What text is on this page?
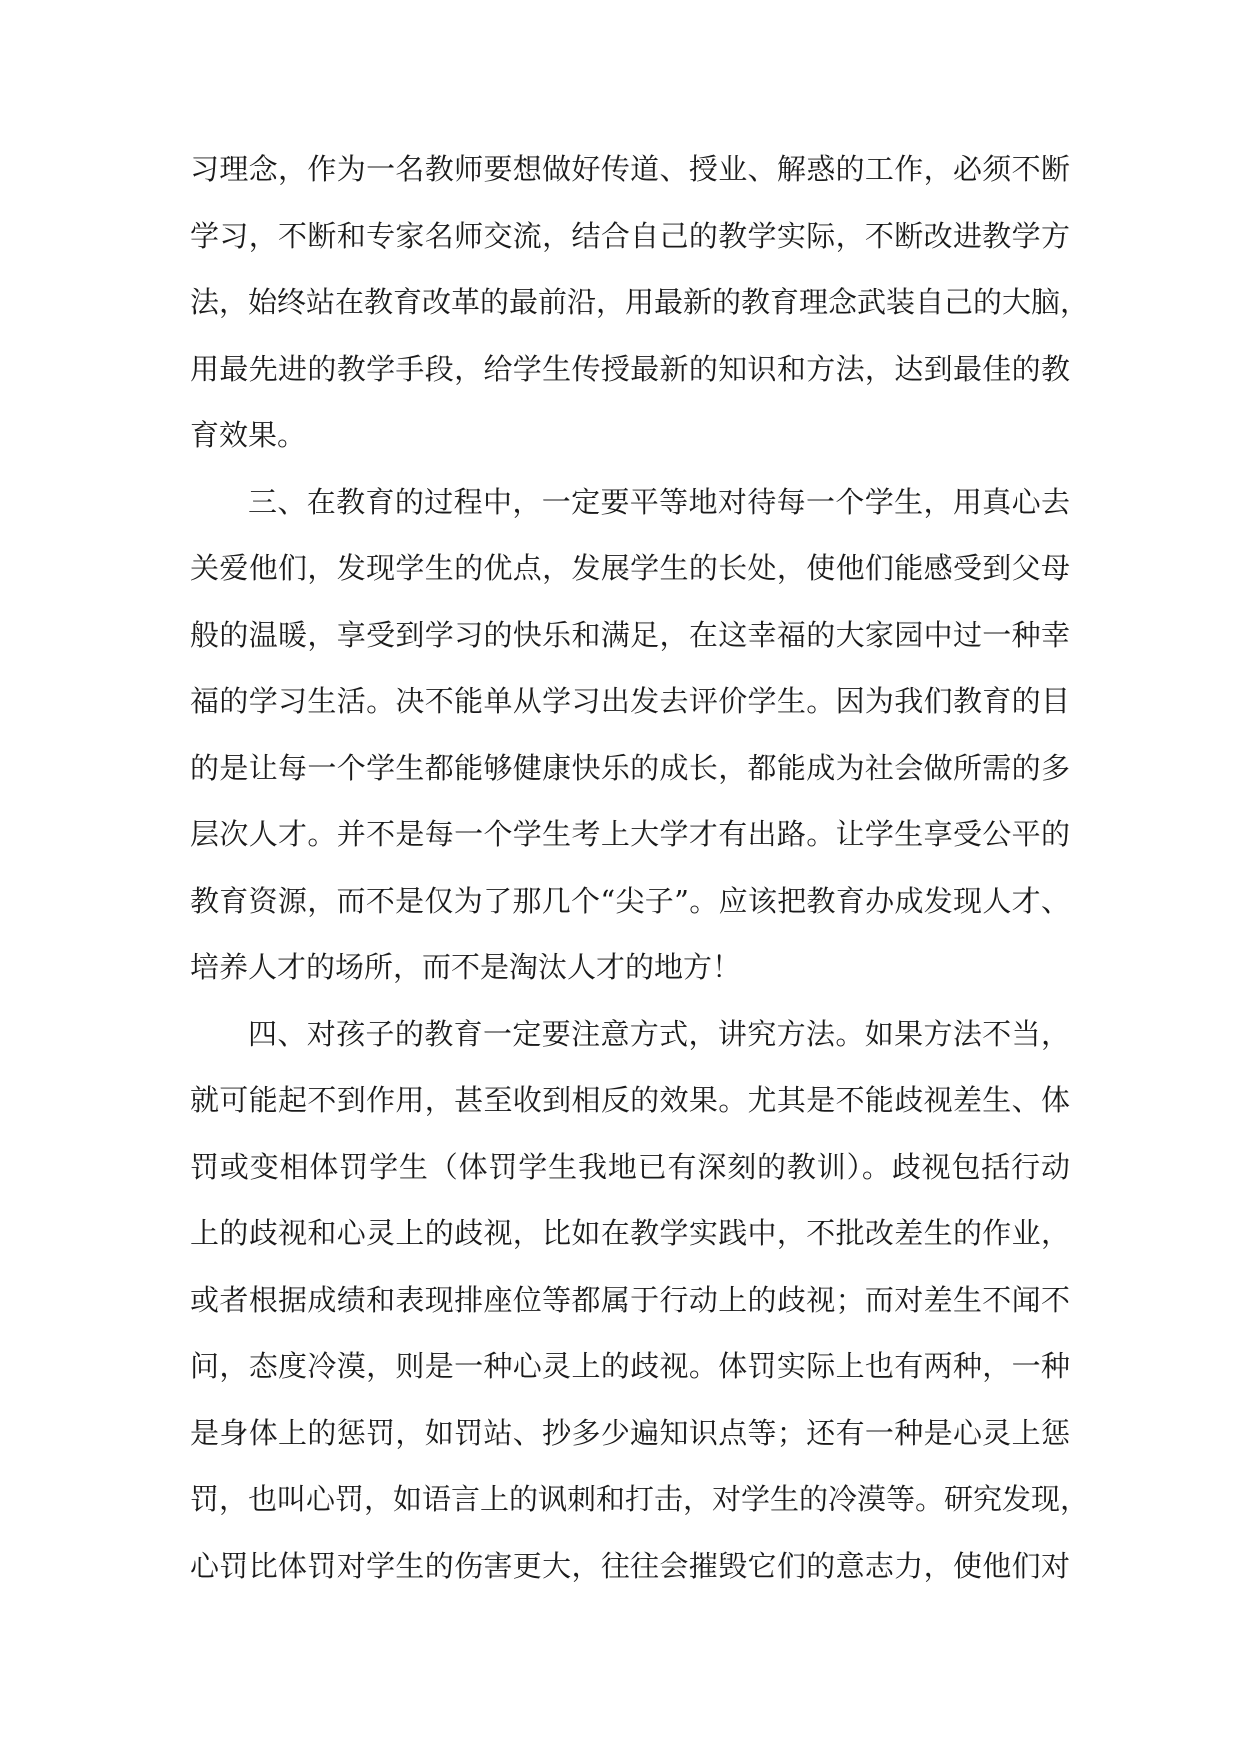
习理念，作为一名教师要想做好传道、授业、解惑的工作，必须不断
学习，不断和专家名师交流，结合自己的教学实际，不断改进教学方
法，始终站在教育改革的最前沿，用最新的教育理念武装自己的大脑，
用最先进的教学手段，给学生传授最新的知识和方法，达到最佳的教
育效果。
三、在教育的过程中，一定要平等地对待每一个学生，用真心去
关爱他们，发现学生的优点，发展学生的长处，使他们能感受到父母
般的温暖，享受到学习的快乐和满足，在这幸福的大家园中过一种幸
福的学习生活。决不能单从学习出发去评价学生。因为我们教育的目
的是让每一个学生都能够健康快乐的成长，都能成为社会做所需的多
层次人才。并不是每一个学生考上大学才有出路。让学生享受公平的
教育资源，而不是仅为了那几个“尖子”。应该把教育办成发现人才、
培养人才的场所，而不是淘汰人才的地方！
四、对孩子的教育一定要注意方式，讲究方法。如果方法不当，
就可能起不到作用，甚至收到相反的效果。尤其是不能歧视差生、体
罚或变相体罚学生（体罚学生我地已有深刻的教训）。歧视包括行动
上的歧视和心灵上的歧视，比如在教学实践中，不批改差生的作业，
或者根据成绩和表现排座位等都属于行动上的歧视；而对差生不闻不
问，态度冷漠，则是一种心灵上的歧视。体罚实际上也有两种，一种
是身体上的惩罚，如罚站、抄多少遍知识点等；还有一种是心灵上惩
罚，也叫心罚，如语言上的讽刺和打击，对学生的冷漠等。研究发现，
心罚比体罚对学生的伤害更大，往往会摧毁它们的意志力，使他们对
